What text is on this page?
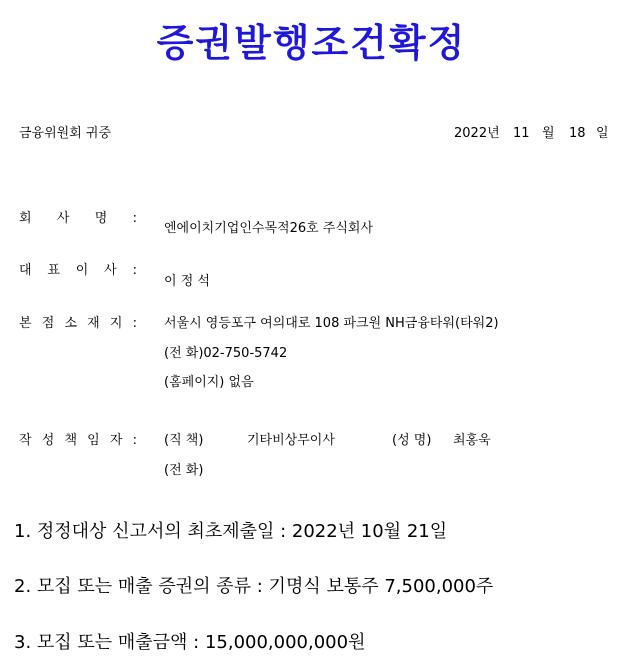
증권발행조건확정
금융위원회 귀중	2022년 11 월 18 일
회 사 명 :
엔에이치기업인수목적26호 주식회사
대 표 이 사 :
이 정 석
본 점 소 재 지 : 서울시 영등포구 여의대로 108 파크원 NH금융타워(타워2)
(전 화)02-750-5742
(홈페이지) 없음
작 성 책 임 자 : (직 책)	기타비상무이사	(성 명) 최홍욱
(전 화)
1. 정정대상 신고서의 최초제출일 : 2022년 10월 21일
2. 모집 또는 매출 증권의 종류 : 기명식 보통주 7,500,000주
3. 모집 또는 매출금액 : 15,000,000,000원
